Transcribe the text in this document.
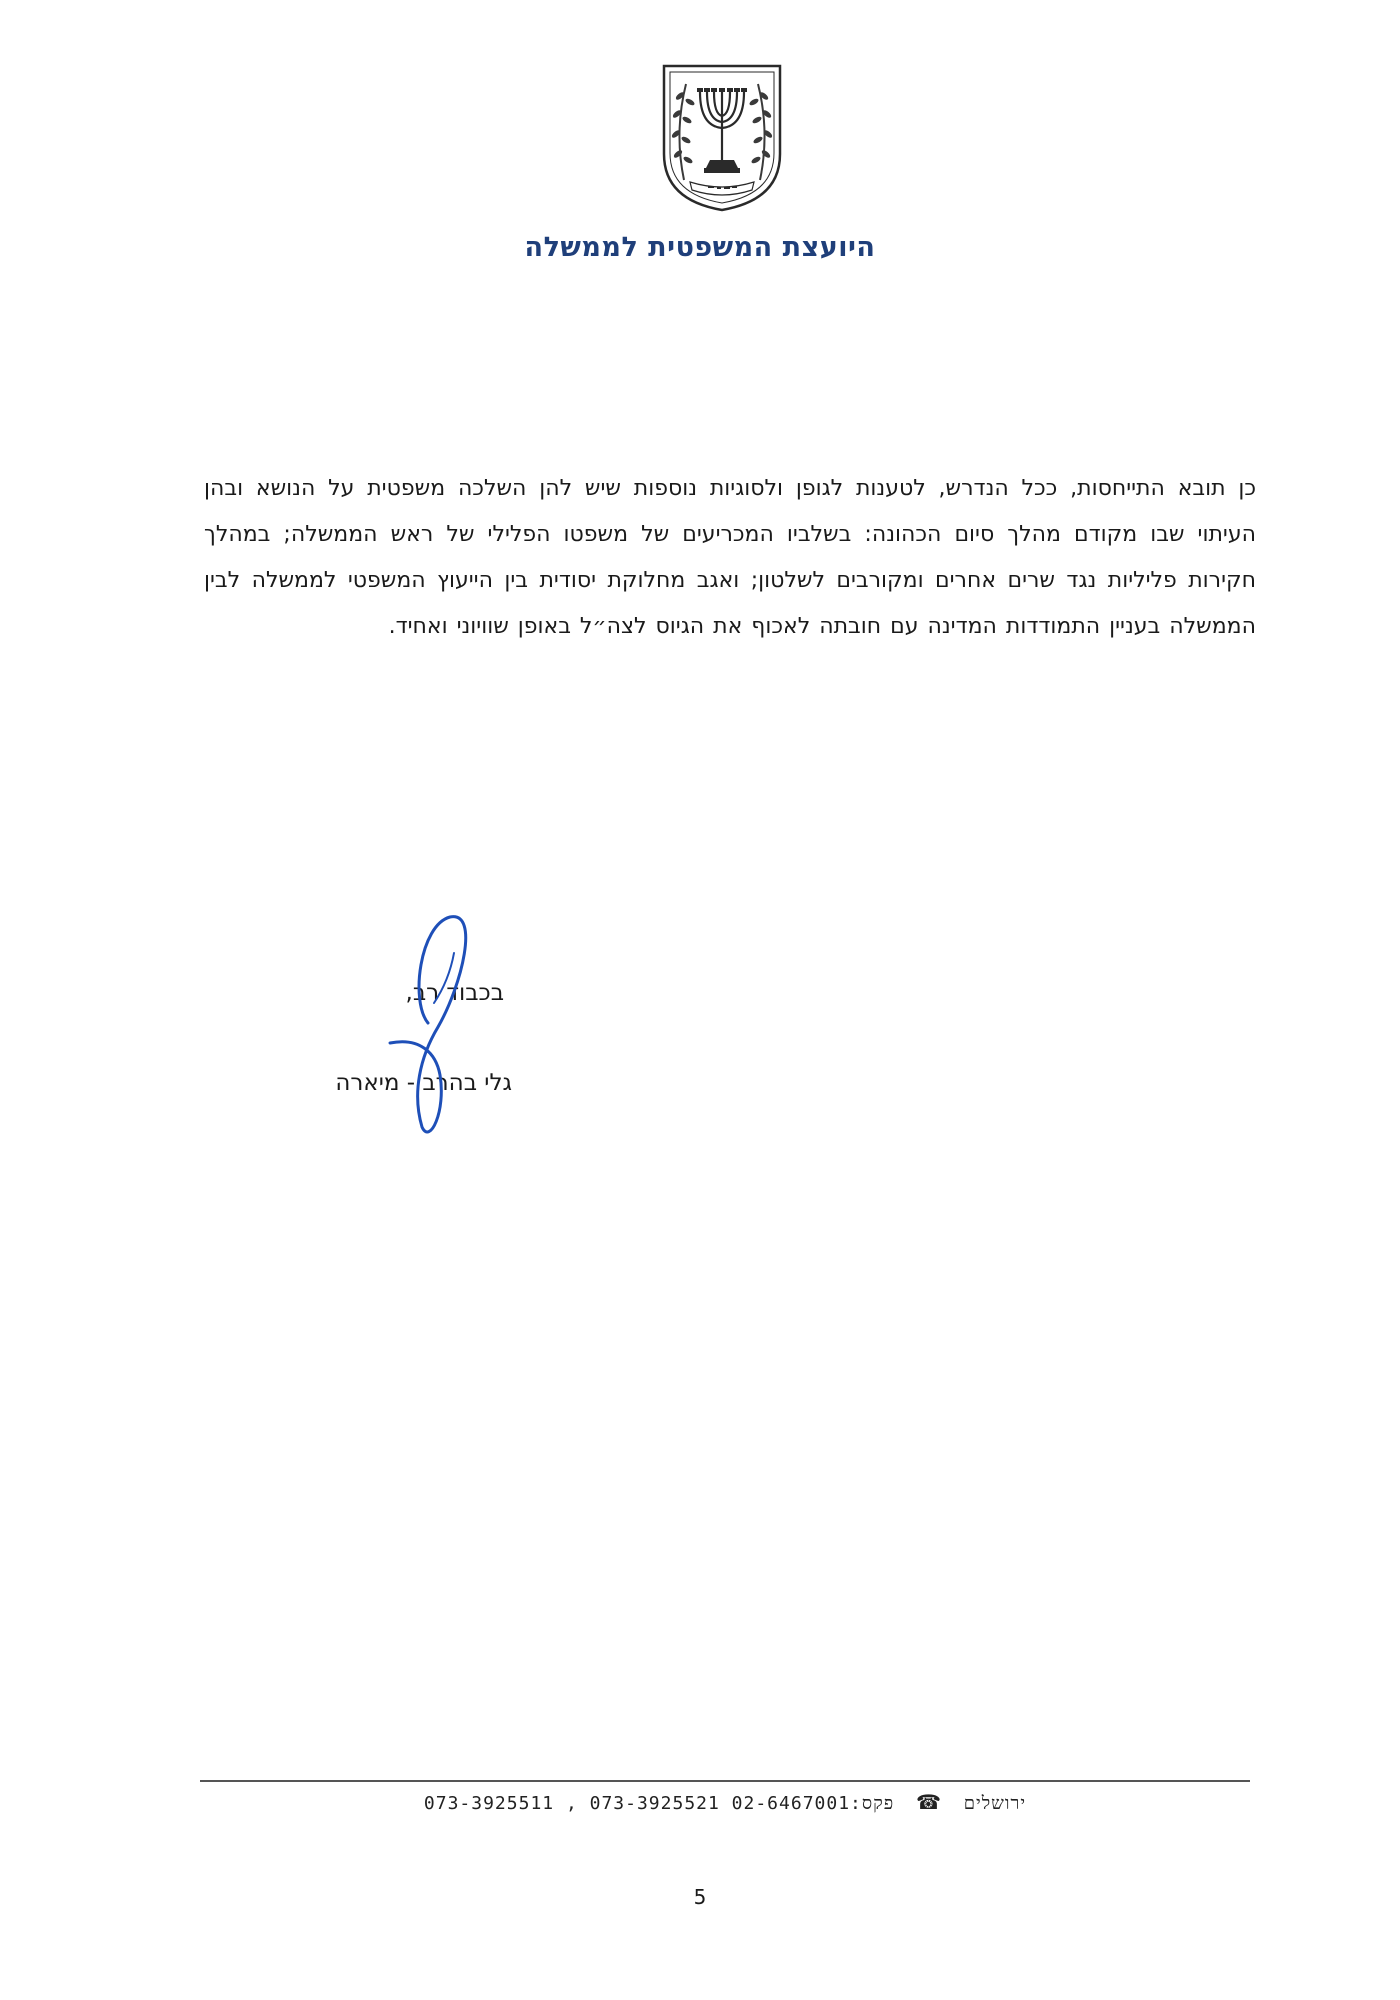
היועצת המשפטית לממשלה

כן תובא התייחסות, ככל הנדרש, לטענות לגופן ולסוגיות נוספות שיש להן השלכה משפטית על הנושא ובהן העיתוי שבו מקודם מהלך סיום הכהונה: בשלביו המכריעים של משפטו הפלילי של ראש הממשלה; במהלך חקירות פליליות נגד שרים אחרים ומקורבים לשלטון; ואגב מחלוקת יסודית בין הייעוץ המשפטי לממשלה לבין הממשלה בעניין התמודדות המדינה עם חובתה לאכוף את הגיוס לצה״ל באופן שוויוני ואחיד.

בכבוד רב,

גלי בהרב - מיארה

ירושלים ☎ 073-3925511 , 073-3925521 פקס:02-6467001

5
